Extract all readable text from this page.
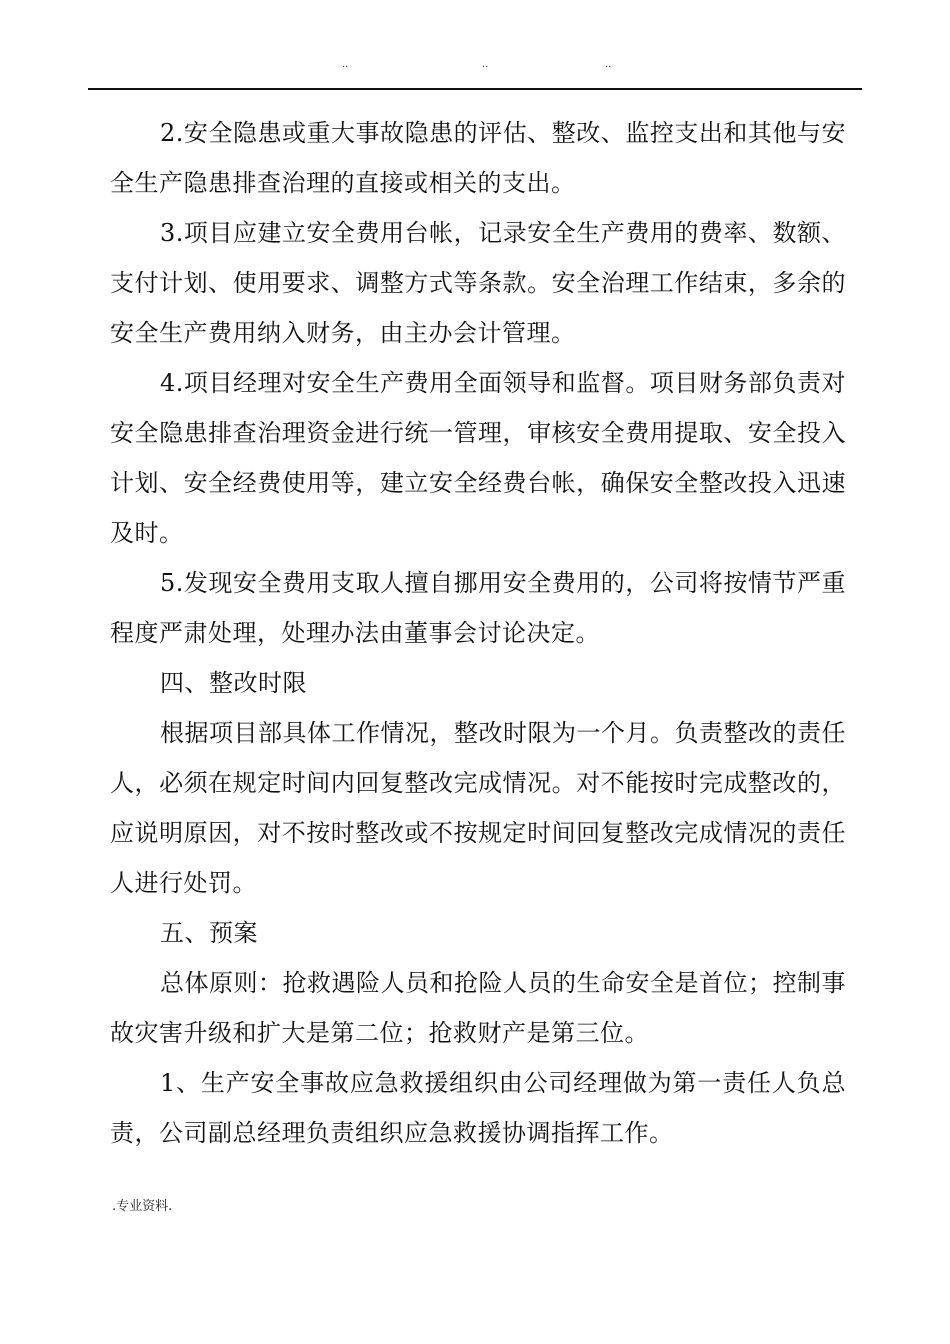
..	..	..

2.安全隐患或重大事故隐患的评估、整改、监控支出和其他与安全生产隐患排查治理的直接或相关的支出。

3.项目应建立安全费用台帐，记录安全生产费用的费率、数额、支付计划、使用要求、调整方式等条款。安全治理工作结束，多余的安全生产费用纳入财务，由主办会计管理。

4.项目经理对安全生产费用全面领导和监督。项目财务部负责对安全隐患排查治理资金进行统一管理，审核安全费用提取、安全投入计划、安全经费使用等，建立安全经费台帐，确保安全整改投入迅速及时。

5.发现安全费用支取人擅自挪用安全费用的，公司将按情节严重程度严肃处理，处理办法由董事会讨论决定。

四、整改时限

根据项目部具体工作情况，整改时限为一个月。负责整改的责任人，必须在规定时间内回复整改完成情况。对不能按时完成整改的，应说明原因，对不按时整改或不按规定时间回复整改完成情况的责任人进行处罚。

五、预案

总体原则：抢救遇险人员和抢险人员的生命安全是首位；控制事故灾害升级和扩大是第二位；抢救财产是第三位。

1、生产安全事故应急救援组织由公司经理做为第一责任人负总责，公司副总经理负责组织应急救援协调指挥工作。

.专业资料.
